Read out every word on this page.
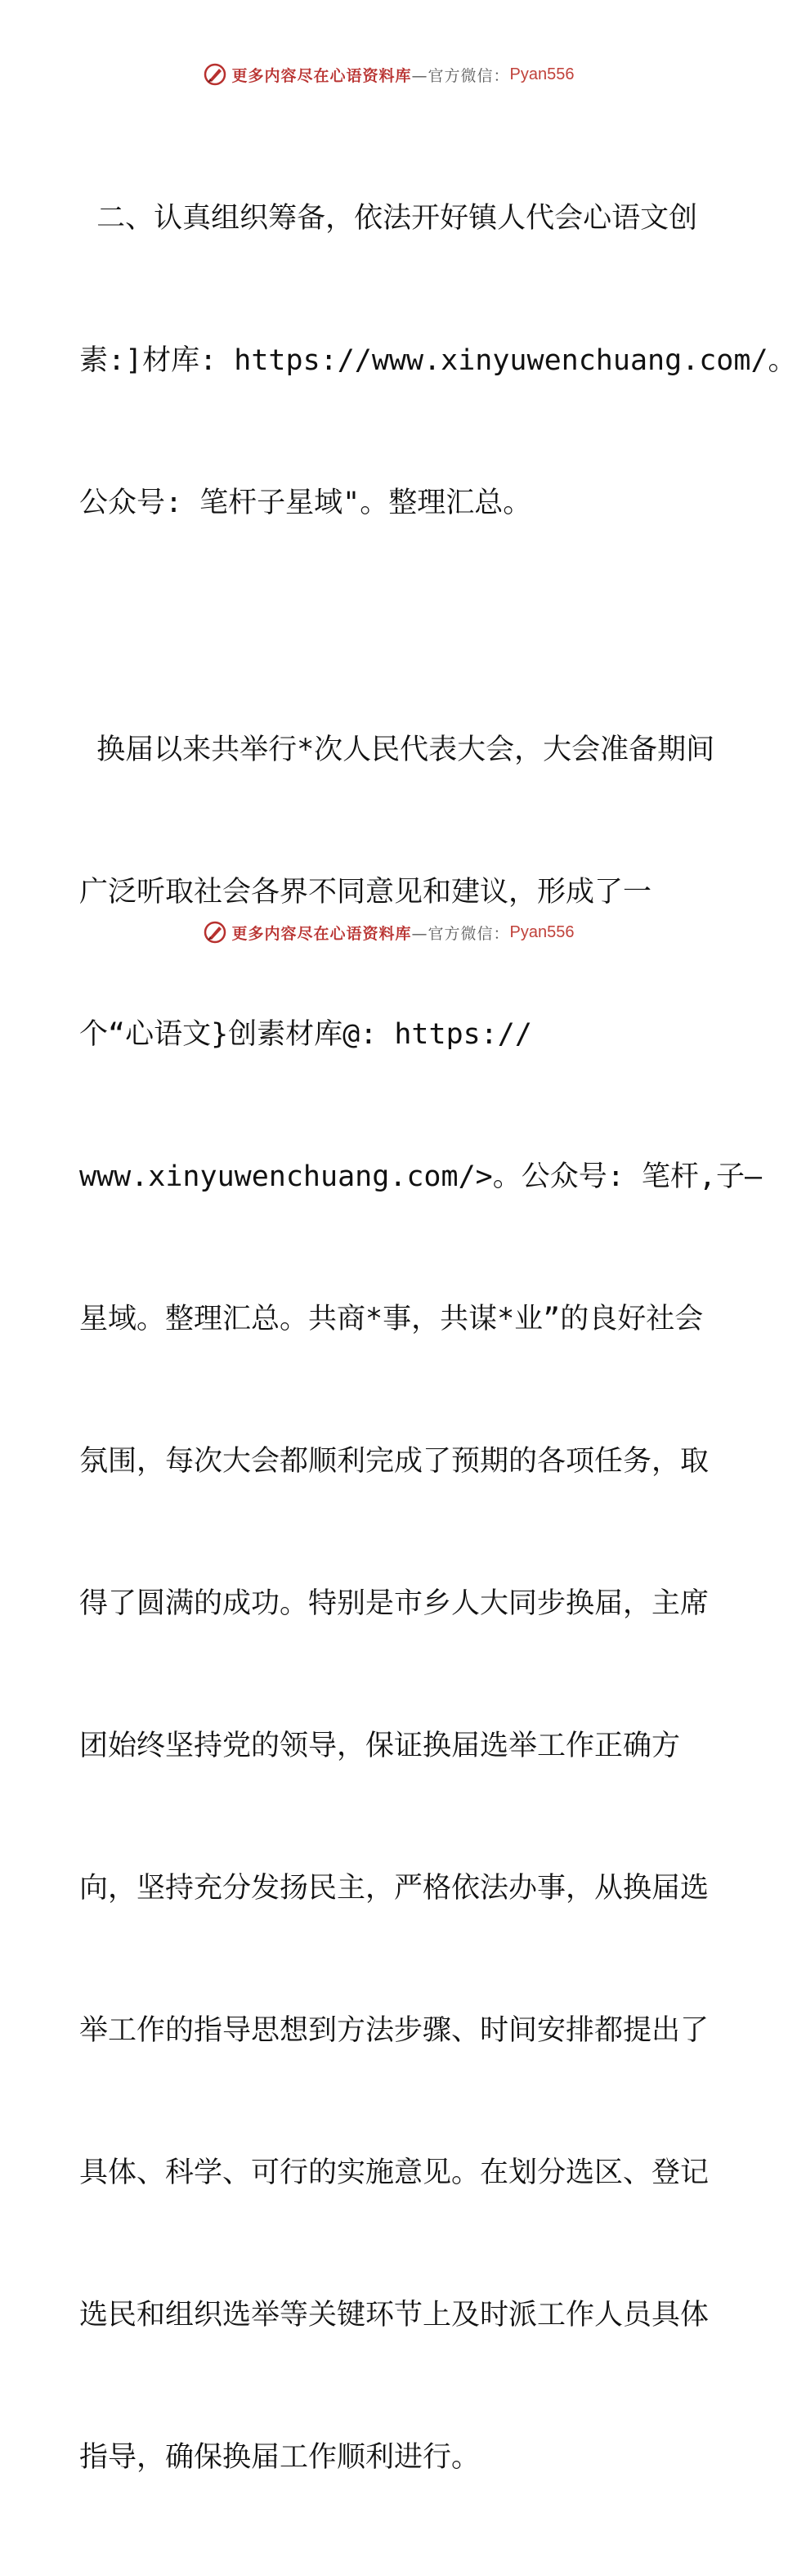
更多内容尽在心语资料库 —官方微信： Pyan556

二、认真组织筹备，依法开好镇人代会心语文创

素:]材库: https://www.xinyuwenchuang.com/。

公众号: 笔杆子星域"。整理汇总。

换届以来共举行*次人民代表大会，大会准备期间

广泛听取社会各界不同意见和建议，形成了一

个“心语文}创素材库@: https://

www.xinyuwenchuang.com/>。公众号: 笔杆,子—

星域。整理汇总。共商*事，共谋*业”的良好社会

氛围，每次大会都顺利完成了预期的各项任务，取

得了圆满的成功。特别是市乡人大同步换届，主席

团始终坚持党的领导，保证换届选举工作正确方

向，坚持充分发扬民主，严格依法办事，从换届选

举工作的指导思想到方法步骤、时间安排都提出了

具体、科学、可行的实施意见。在划分选区、登记

选民和组织选举等关键环节上及时派工作人员具体

指导，确保换届工作顺利进行。

更多内容尽在心语资料库 —官方微信： Pyan556
